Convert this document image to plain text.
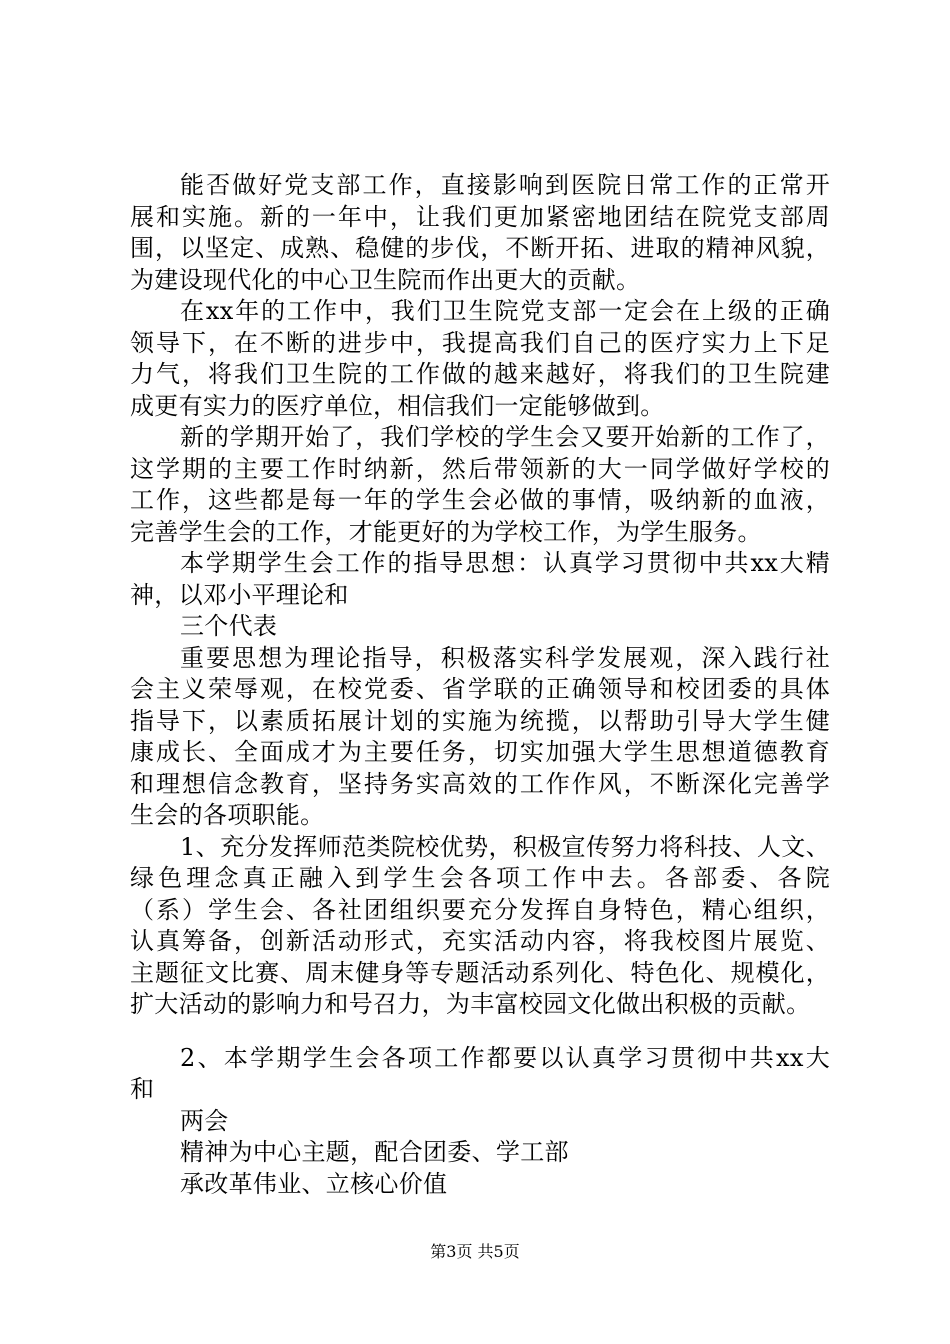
能否做好党支部工作，直接影响到医院日常工作的正常开
展和实施。新的一年中，让我们更加紧密地团结在院党支部周
围，以坚定、成熟、稳健的步伐，不断开拓、进取的精神风貌，
为建设现代化的中心卫生院而作出更大的贡献。
在xx年的工作中，我们卫生院党支部一定会在上级的正确
领导下，在不断的进步中，我提高我们自己的医疗实力上下足
力气，将我们卫生院的工作做的越来越好，将我们的卫生院建
成更有实力的医疗单位，相信我们一定能够做到。
新的学期开始了，我们学校的学生会又要开始新的工作了，
这学期的主要工作时纳新，然后带领新的大一同学做好学校的
工作，这些都是每一年的学生会必做的事情，吸纳新的血液，
完善学生会的工作，才能更好的为学校工作，为学生服务。
本学期学生会工作的指导思想：认真学习贯彻中共xx大精
神，以邓小平理论和
三个代表
重要思想为理论指导，积极落实科学发展观，深入践行社
会主义荣辱观，在校党委、省学联的正确领导和校团委的具体
指导下，以素质拓展计划的实施为统揽，以帮助引导大学生健
康成长、全面成才为主要任务，切实加强大学生思想道德教育
和理想信念教育，坚持务实高效的工作作风，不断深化完善学
生会的各项职能。
1、充分发挥师范类院校优势，积极宣传努力将科技、人文、
绿色理念真正融入到学生会各项工作中去。各部委、各院
（系）学生会、各社团组织要充分发挥自身特色，精心组织，
认真筹备，创新活动形式，充实活动内容，将我校图片展览、
主题征文比赛、周末健身等专题活动系列化、特色化、规模化，
扩大活动的影响力和号召力，为丰富校园文化做出积极的贡献。
2、本学期学生会各项工作都要以认真学习贯彻中共xx大
和
两会
精神为中心主题，配合团委、学工部
承改革伟业、立核心价值
第3页 共5页
